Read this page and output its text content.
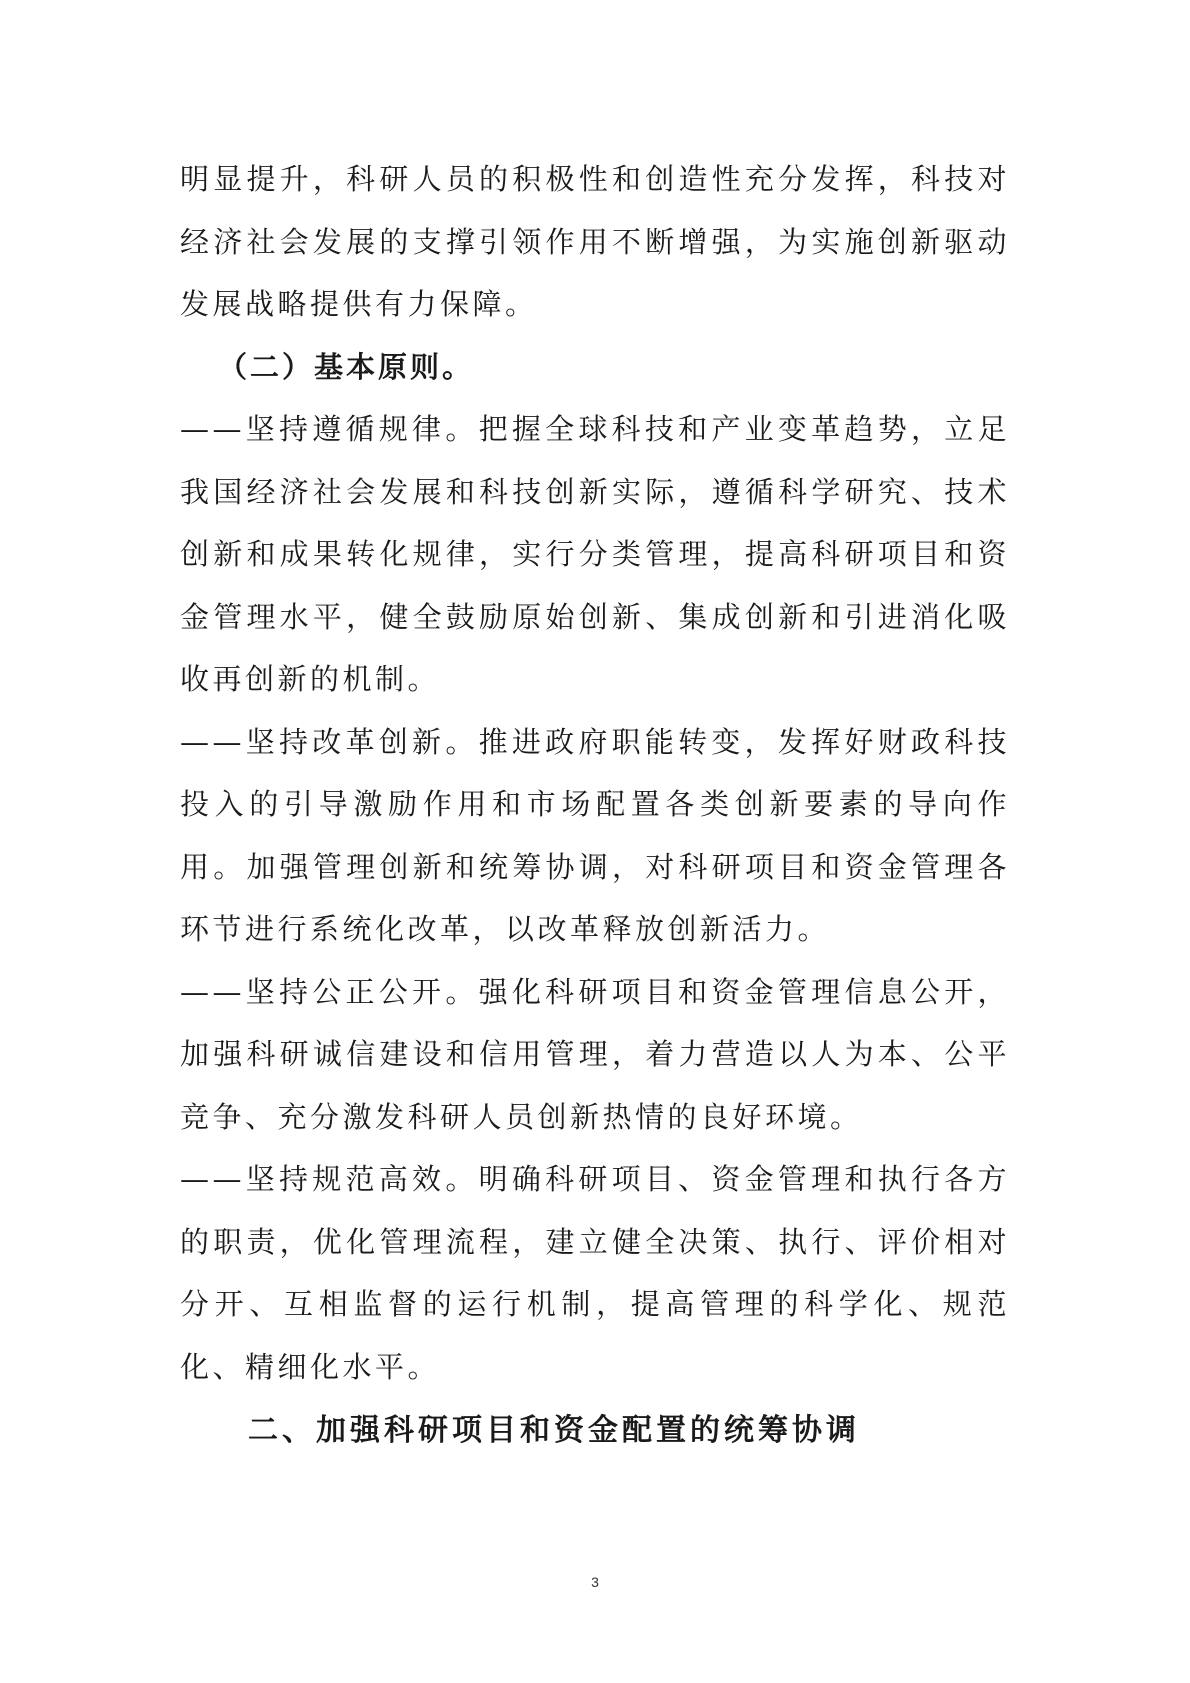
明显提升，科研人员的积极性和创造性充分发挥，科技对经济社会发展的支撑引领作用不断增强，为实施创新驱动发展战略提供有力保障。

（二）基本原则。

——坚持遵循规律。把握全球科技和产业变革趋势，立足我国经济社会发展和科技创新实际，遵循科学研究、技术创新和成果转化规律，实行分类管理，提高科研项目和资金管理水平，健全鼓励原始创新、集成创新和引进消化吸收再创新的机制。

——坚持改革创新。推进政府职能转变，发挥好财政科技投入的引导激励作用和市场配置各类创新要素的导向作用。加强管理创新和统筹协调，对科研项目和资金管理各环节进行系统化改革，以改革释放创新活力。

——坚持公正公开。强化科研项目和资金管理信息公开，加强科研诚信建设和信用管理，着力营造以人为本、公平竞争、充分激发科研人员创新热情的良好环境。

——坚持规范高效。明确科研项目、资金管理和执行各方的职责，优化管理流程，建立健全决策、执行、评价相对分开、互相监督的运行机制，提高管理的科学化、规范化、精细化水平。

二、加强科研项目和资金配置的统筹协调

3
